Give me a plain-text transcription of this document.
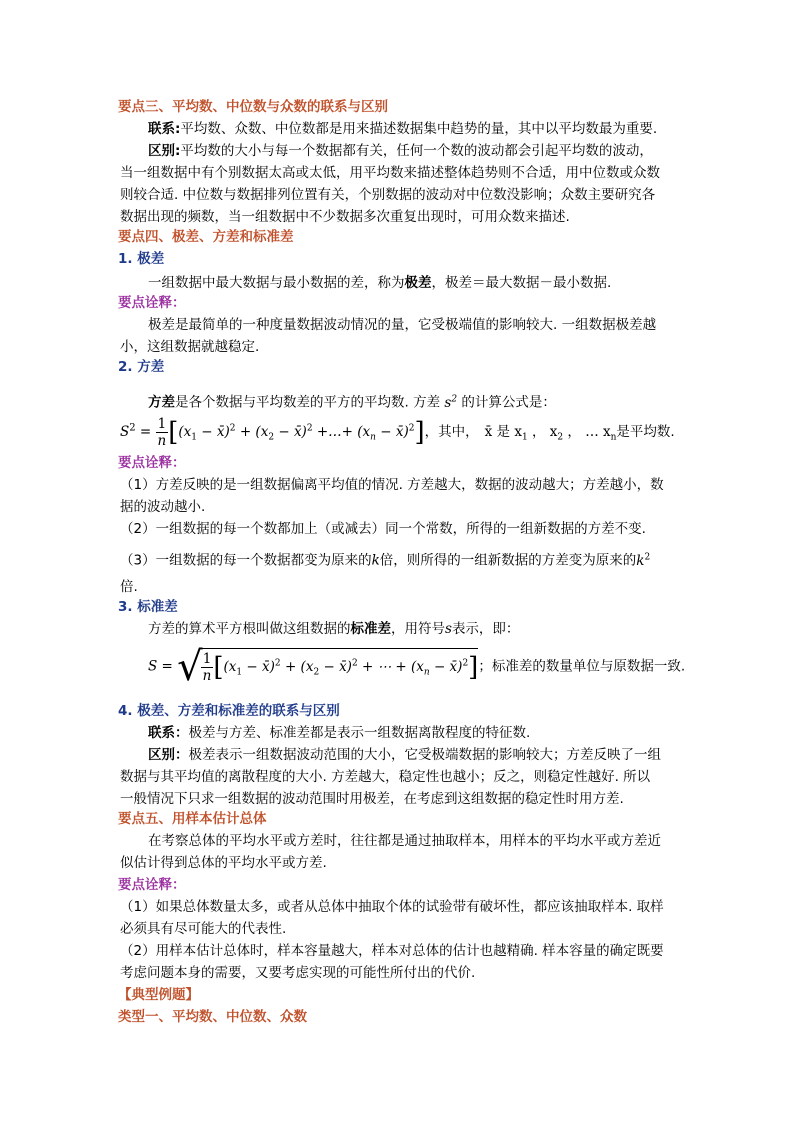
要点三、平均数、中位数与众数的联系与区别
联系:平均数、众数、中位数都是用来描述数据集中趋势的量，其中以平均数最为重要.
区别:平均数的大小与每一个数据都有关，任何一个数的波动都会引起平均数的波动，
当一组数据中有个别数据太高或太低，用平均数来描述整体趋势则不合适，用中位数或众数
则较合适. 中位数与数据排列位置有关，个别数据的波动对中位数没影响；众数主要研究各
数据出现的频数，当一组数据中不少数据多次重复出现时，可用众数来描述.
要点四、极差、方差和标准差
1. 极差
一组数据中最大数据与最小数据的差，称为极差，极差＝最大数据－最小数据.
要点诠释：
极差是最简单的一种度量数据波动情况的量，它受极端值的影响较大. 一组数据极差越
小，这组数据就越稳定.
2. 方差
方差是各个数据与平均数差的平方的平均数. 方差 $s^2$ 的计算公式是：
$S^2 = \frac{1}{n} [(x_1$ − x̄)$^2$ + ($x_2$ − x̄)$^2$ +…+ ($x_n$ − x̄)$^2$]，其中， x̄ 是 $x_1$ ， $x_2$ ， … $x_n$是平均数.
要点诠释：
（1）方差反映的是一组数据偏离平均值的情况. 方差越大，数据的波动越大；方差越小，数
据的波动越小.
（2）一组数据的每一个数都加上（或减去）同一个常数，所得的一组新数据的方差不变.
（3）一组数据的每一个数据都变为原来的k倍，则所得的一组新数据的方差变为原来的$k^2$
倍.
3. 标准差
方差的算术平方根叫做这组数据的标准差，用符号s表示，即：
S = √
$\frac{1}{n} [(x_1$ − x̄)$^2$ + ($x_2$ − x̄)$^2$ + ⋯ + ($x_n$ − x̄)$^2$]；标准差的数量单位与原数据一致.
4. 极差、方差和标准差的联系与区别
联系：极差与方差、标准差都是表示一组数据离散程度的特征数.
区别：极差表示一组数据波动范围的大小，它受极端数据的影响较大；方差反映了一组
数据与其平均值的离散程度的大小. 方差越大，稳定性也越小；反之，则稳定性越好. 所以
一般情况下只求一组数据的波动范围时用极差，在考虑到这组数据的稳定性时用方差.
要点五、用样本估计总体
在考察总体的平均水平或方差时，往往都是通过抽取样本，用样本的平均水平或方差近
似估计得到总体的平均水平或方差.
要点诠释：
（1）如果总体数量太多，或者从总体中抽取个体的试验带有破坏性，都应该抽取样本. 取样
必须具有尽可能大的代表性.
（2）用样本估计总体时，样本容量越大，样本对总体的估计也越精确. 样本容量的确定既要
考虑问题本身的需要，又要考虑实现的可能性所付出的代价.
【典型例题】
类型一、平均数、中位数、众数
